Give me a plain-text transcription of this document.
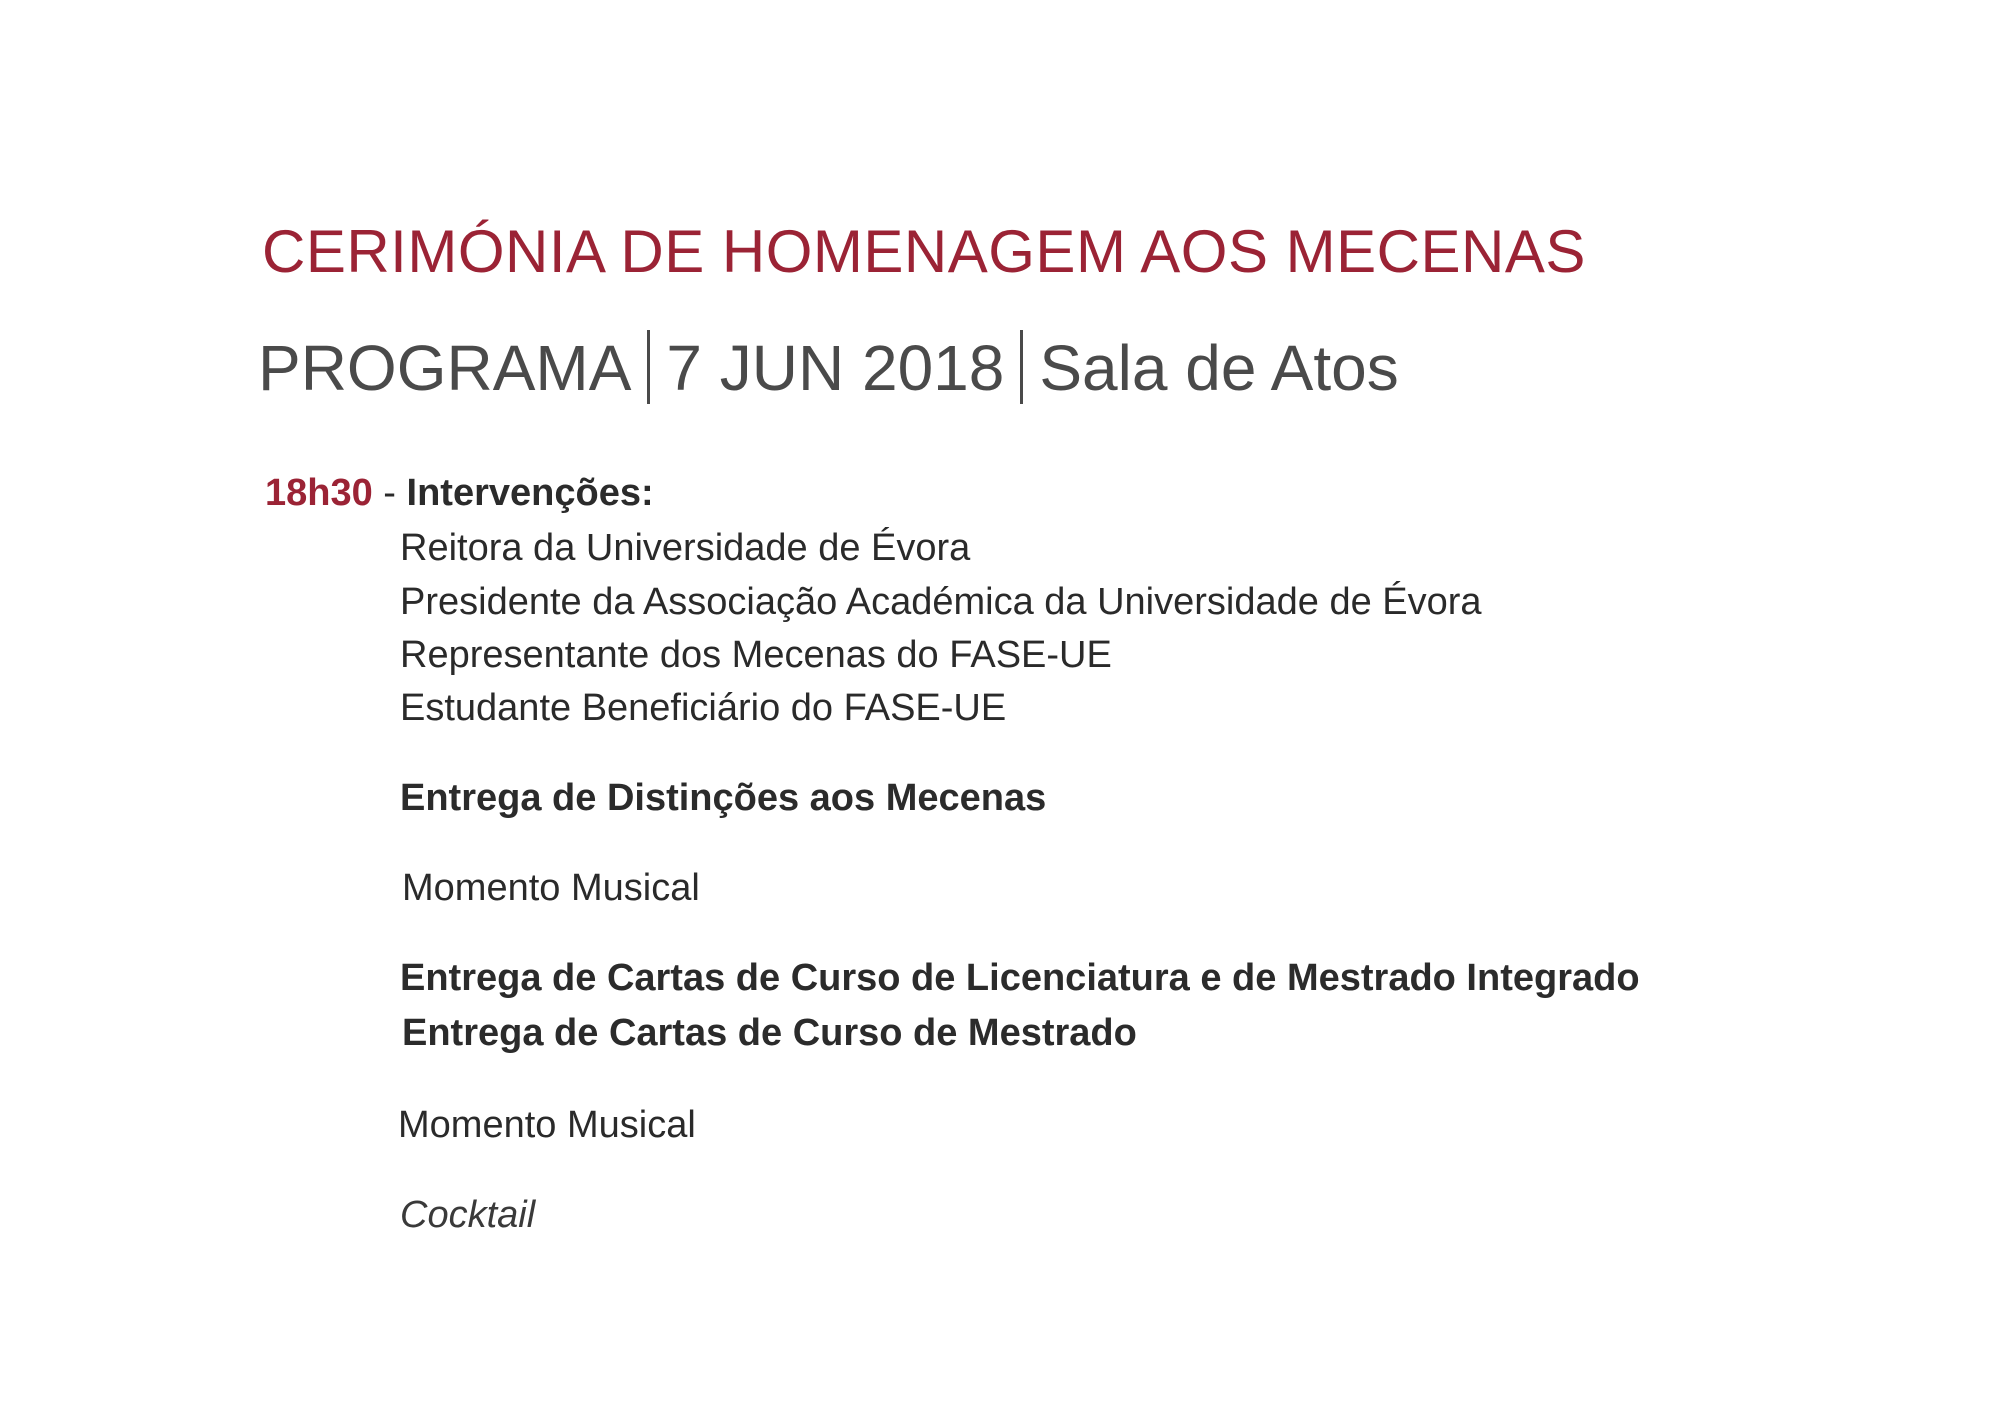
CERIMÓNIA DE HOMENAGEM AOS MECENAS
PROGRAMA 7 JUN 2018 Sala de Atos
18h30 - Intervenções:

Reitora da Universidade de Évora

Presidente da Associação Académica da Universidade de Évora

Representante dos Mecenas do FASE-UE

Estudante Beneficiário do FASE-UE

Entrega de Distinções aos Mecenas

Momento Musical

Entrega de Cartas de Curso de Licenciatura e de Mestrado Integrado

Entrega de Cartas de Curso de Mestrado

Momento Musical

Cocktail
